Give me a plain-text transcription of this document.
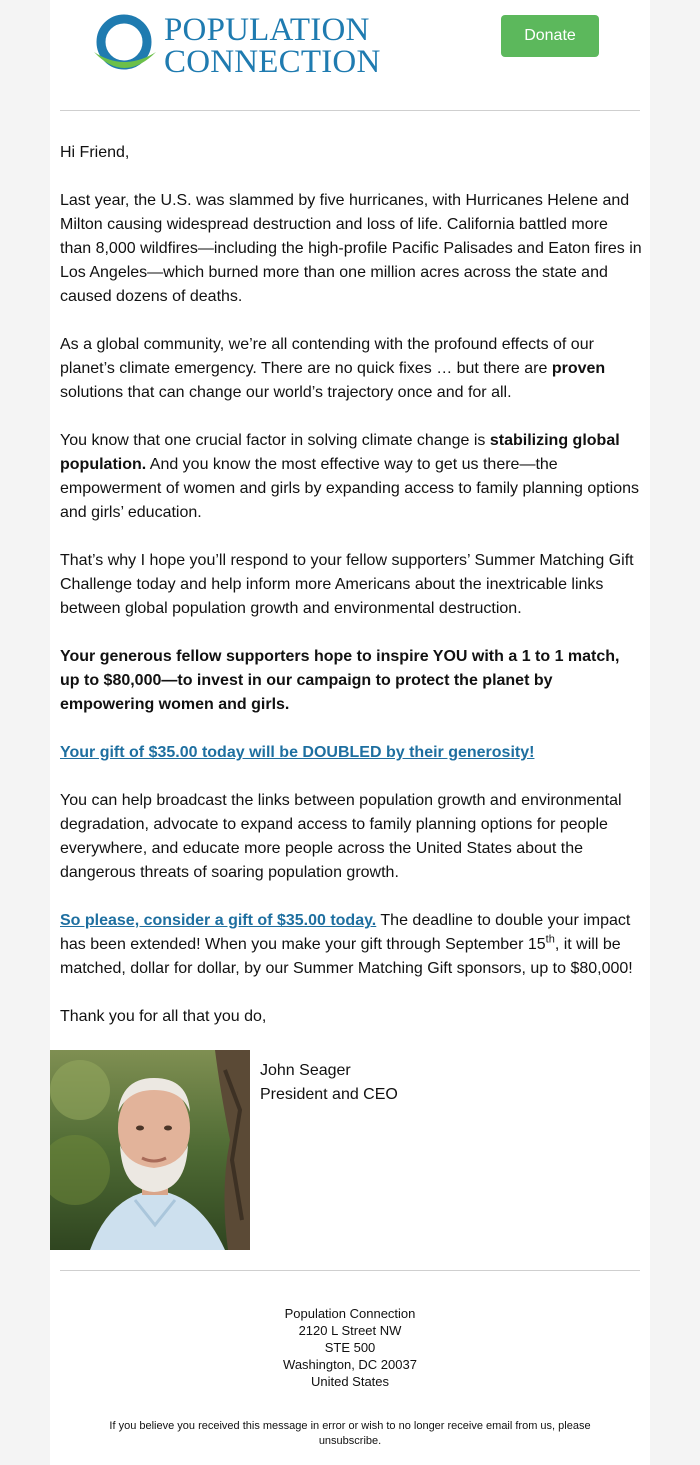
POPULATION
CONNECTION
Donate

Hi Friend,

Last year, the U.S. was slammed by five hurricanes, with Hurricanes Helene and Milton causing widespread destruction and loss of life. California battled more than 8,000 wildfires—including the high-profile Pacific Palisades and Eaton fires in Los Angeles—which burned more than one million acres across the state and caused dozens of deaths.

As a global community, we’re all contending with the profound effects of our planet’s climate emergency. There are no quick fixes … but there are proven solutions that can change our world’s trajectory once and for all.

You know that one crucial factor in solving climate change is stabilizing global population. And you know the most effective way to get us there—the empowerment of women and girls by expanding access to family planning options and girls’ education.

That’s why I hope you’ll respond to your fellow supporters’ Summer Matching Gift Challenge today and help inform more Americans about the inextricable links between global population growth and environmental destruction.

Your generous fellow supporters hope to inspire YOU with a 1 to 1 match, up to $80,000—to invest in our campaign to protect the planet by empowering women and girls.

Your gift of $35.00 today will be DOUBLED by their generosity!

You can help broadcast the links between population growth and environmental degradation, advocate to expand access to family planning options for people everywhere, and educate more people across the United States about the dangerous threats of soaring population growth.

So please, consider a gift of $35.00 today. The deadline to double your impact has been extended! When you make your gift through September 15th, it will be matched, dollar for dollar, by our Summer Matching Gift sponsors, up to $80,000!

Thank you for all that you do,

John Seager
President and CEO
Population Connection
2120 L Street NW
STE 500
Washington, DC 20037
United States
If you believe you received this message in error or wish to no longer receive email from us, please unsubscribe.
